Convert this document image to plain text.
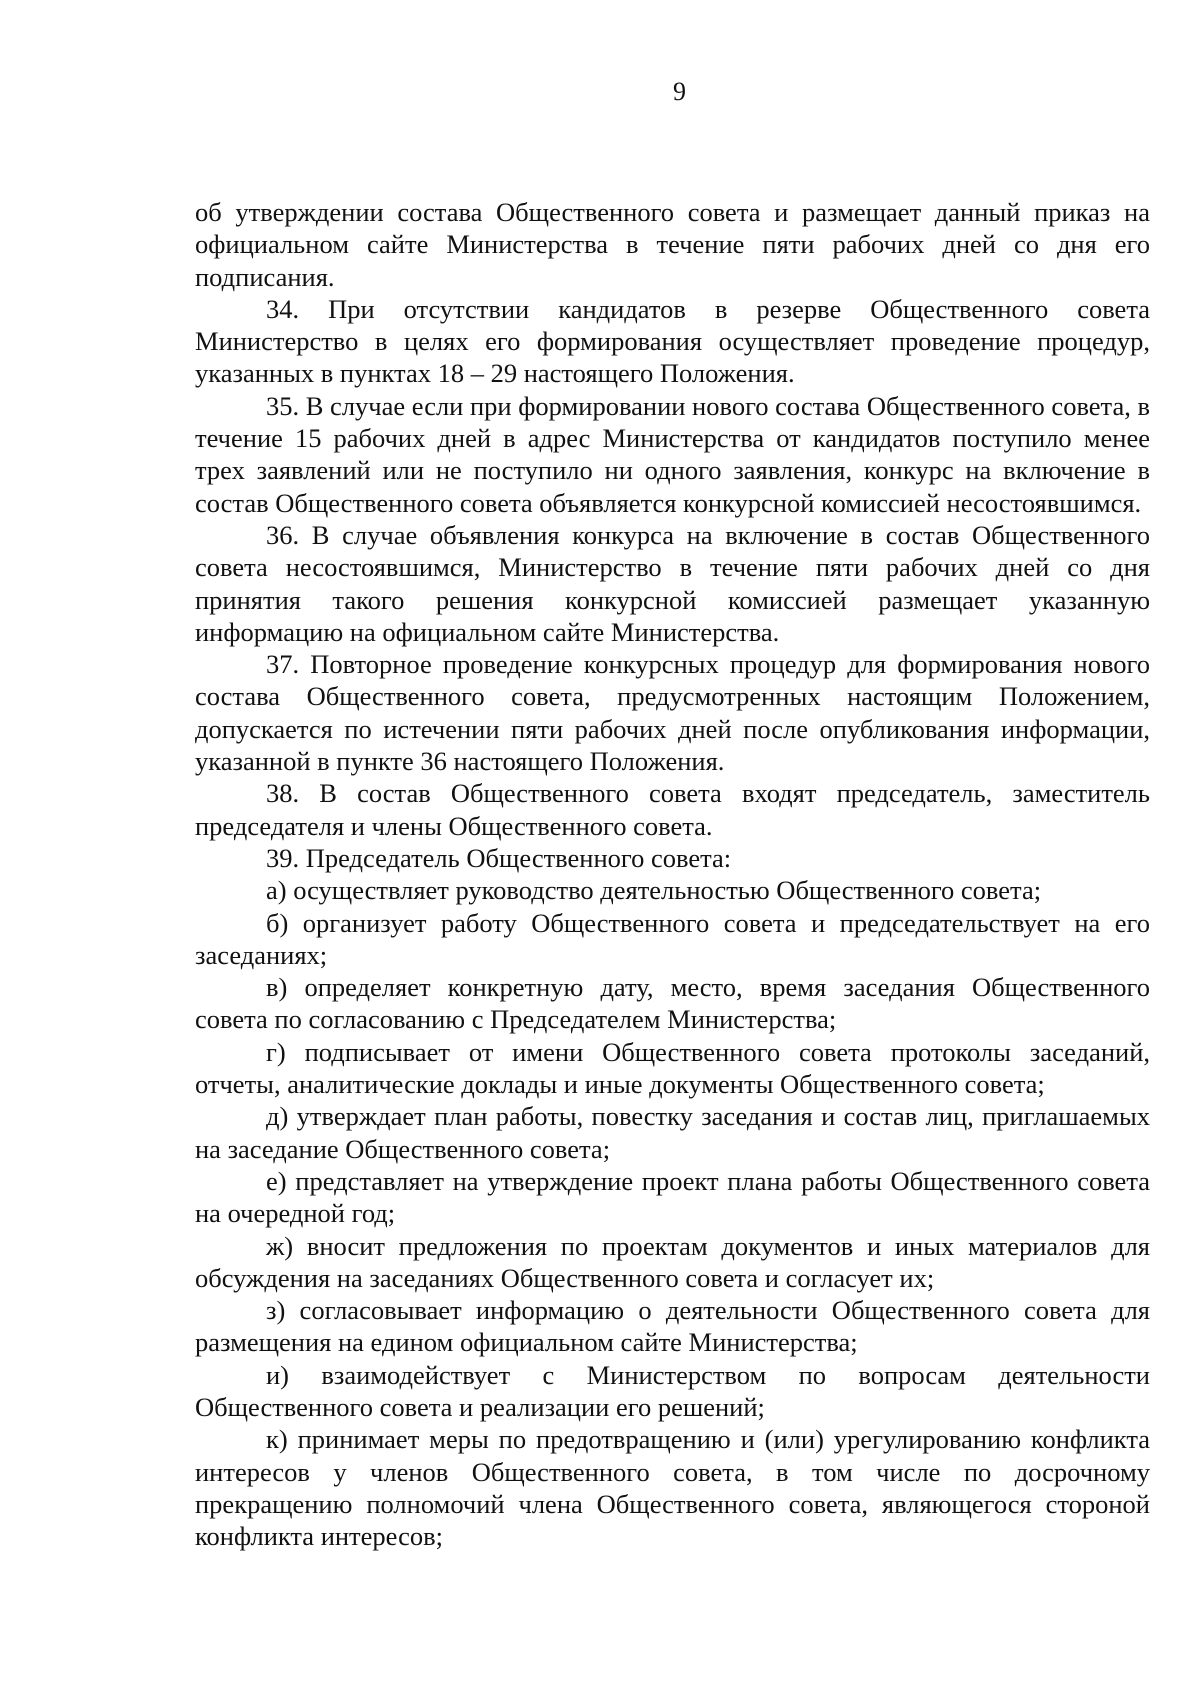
9

об утверждении состава Общественного совета и размещает данный приказ на официальном сайте Министерства в течение пяти рабочих дней со дня его подписания.

34. При отсутствии кандидатов в резерве Общественного совета Министерство в целях его формирования осуществляет проведение процедур, указанных в пунктах 18 – 29 настоящего Положения.

35. В случае если при формировании нового состава Общественного совета, в течение 15 рабочих дней в адрес Министерства от кандидатов поступило менее трех заявлений или не поступило ни одного заявления, конкурс на включение в состав Общественного совета объявляется конкурсной комиссией несостоявшимся.

36. В случае объявления конкурса на включение в состав Общественного совета несостоявшимся, Министерство в течение пяти рабочих дней со дня принятия такого решения конкурсной комиссией размещает указанную информацию на официальном сайте Министерства.

37. Повторное проведение конкурсных процедур для формирования нового состава Общественного совета, предусмотренных настоящим Положением, допускается по истечении пяти рабочих дней после опубликования информации, указанной в пункте 36 настоящего Положения.

38. В состав Общественного совета входят председатель, заместитель председателя и члены Общественного совета.

39. Председатель Общественного совета:

а) осуществляет руководство деятельностью Общественного совета;

б) организует работу Общественного совета и председательствует на его заседаниях;

в) определяет конкретную дату, место, время заседания Общественного совета по согласованию с Председателем Министерства;

г) подписывает от имени Общественного совета протоколы заседаний, отчеты, аналитические доклады и иные документы Общественного совета;

д) утверждает план работы, повестку заседания и состав лиц, приглашаемых на заседание Общественного совета;

е) представляет на утверждение проект плана работы Общественного совета на очередной год;

ж) вносит предложения по проектам документов и иных материалов для обсуждения на заседаниях Общественного совета и согласует их;

з) согласовывает информацию о деятельности Общественного совета для размещения на едином официальном сайте Министерства;

и) взаимодействует с Министерством по вопросам деятельности Общественного совета и реализации его решений;

к) принимает меры по предотвращению и (или) урегулированию конфликта интересов у членов Общественного совета, в том числе по досрочному прекращению полномочий члена Общественного совета, являющегося стороной конфликта интересов;
